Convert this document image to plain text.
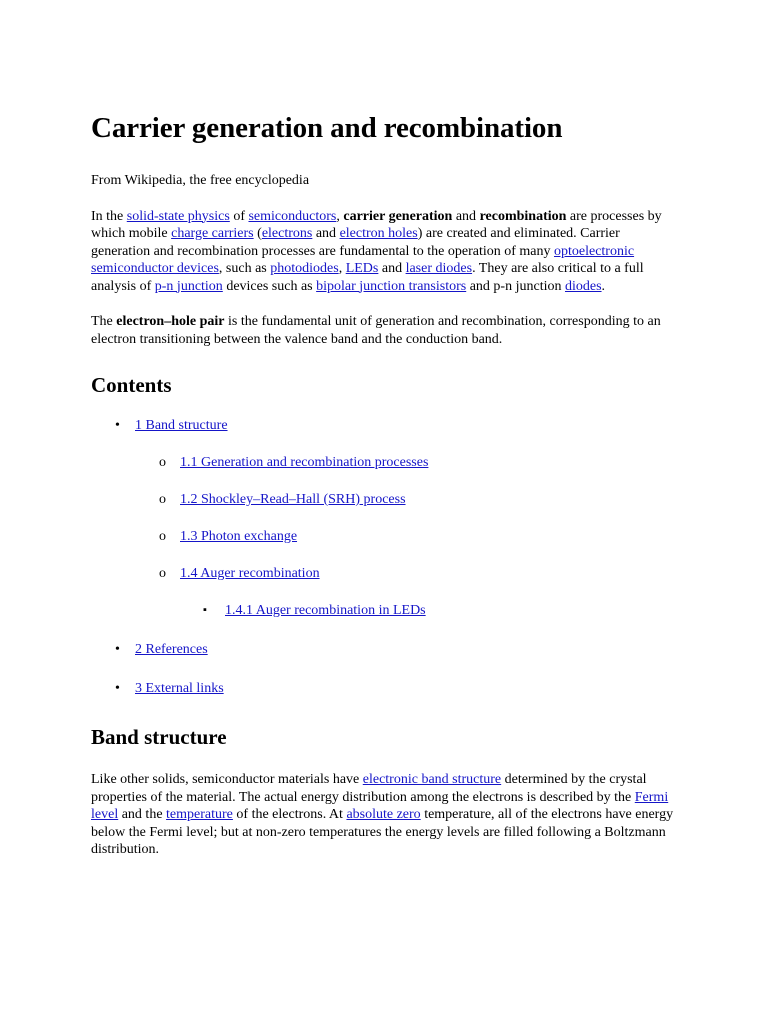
Carrier generation and recombination

From Wikipedia, the free encyclopedia

In the solid-state physics of semiconductors, carrier generation and recombination are processes by which mobile charge carriers (electrons and electron holes) are created and eliminated. Carrier generation and recombination processes are fundamental to the operation of many optoelectronic semiconductor devices, such as photodiodes, LEDs and laser diodes. They are also critical to a full analysis of p-n junction devices such as bipolar junction transistors and p-n junction diodes.

The electron–hole pair is the fundamental unit of generation and recombination, corresponding to an electron transitioning between the valence band and the conduction band.

Contents
• 1 Band structure
o 1.1 Generation and recombination processes
o 1.2 Shockley–Read–Hall (SRH) process
o 1.3 Photon exchange
o 1.4 Auger recombination
▪ 1.4.1 Auger recombination in LEDs
• 2 References
• 3 External links
Band structure

Like other solids, semiconductor materials have electronic band structure determined by the crystal properties of the material. The actual energy distribution among the electrons is described by the Fermi level and the temperature of the electrons. At absolute zero temperature, all of the electrons have energy below the Fermi level; but at non-zero temperatures the energy levels are filled following a Boltzmann distribution.
